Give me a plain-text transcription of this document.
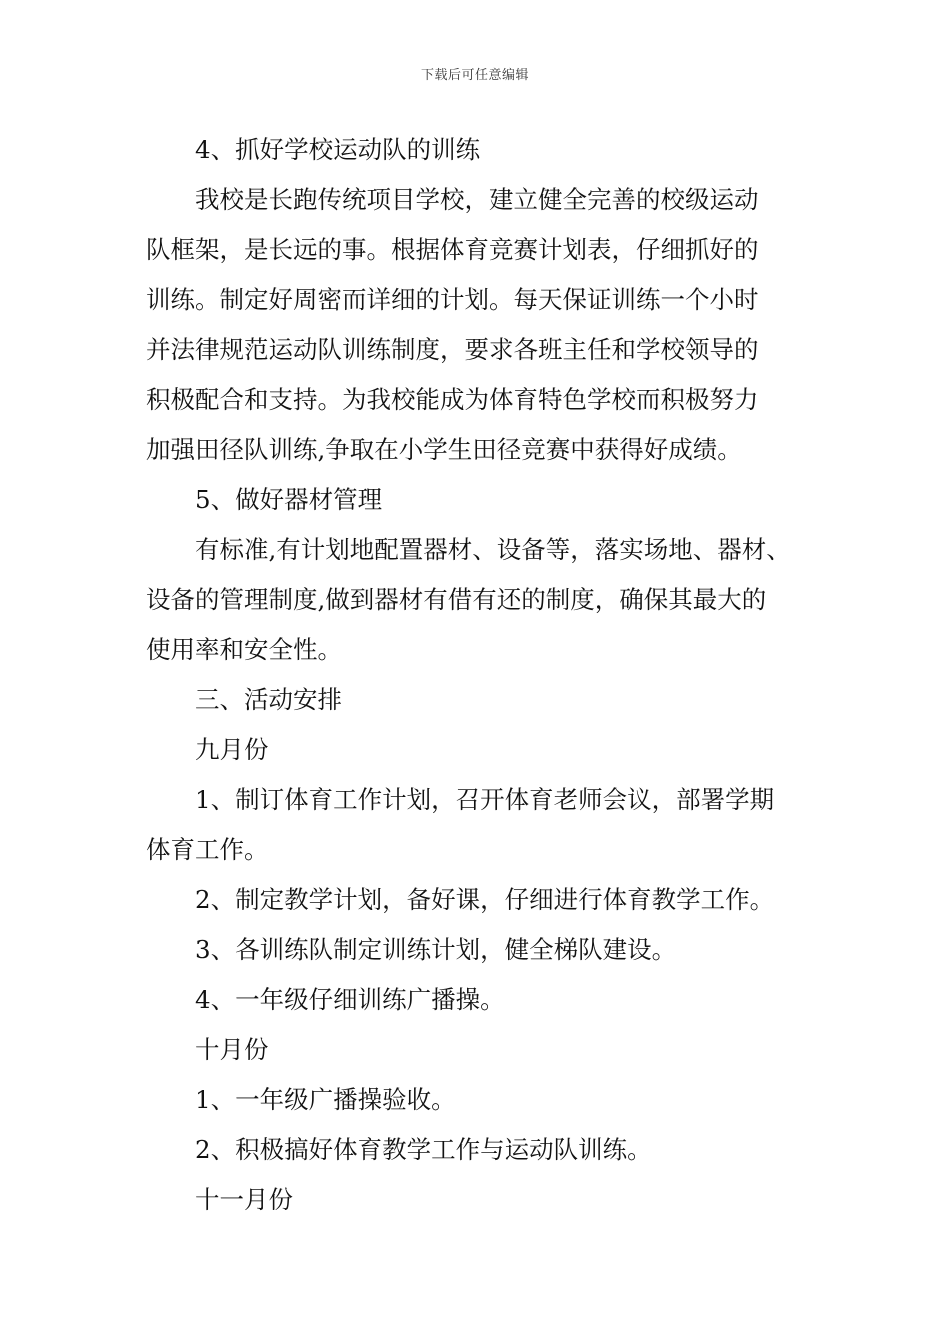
下载后可任意编辑
4、抓好学校运动队的训练
我校是长跑传统项目学校，建立健全完善的校级运动
队框架，是长远的事。根据体育竞赛计划表，仔细抓好的
训练。制定好周密而详细的计划。每天保证训练一个小时
并法律规范运动队训练制度，要求各班主任和学校领导的
积极配合和支持。为我校能成为体育特色学校而积极努力
加强田径队训练,争取在小学生田径竞赛中获得好成绩。
5、做好器材管理
有标准,有计划地配置器材、设备等，落实场地、器材、
设备的管理制度,做到器材有借有还的制度，确保其最大的
使用率和安全性。
三、活动安排
九月份
1、制订体育工作计划，召开体育老师会议，部署学期
体育工作。
2、制定教学计划，备好课，仔细进行体育教学工作。
3、各训练队制定训练计划，健全梯队建设。
4、一年级仔细训练广播操。
十月份
1、一年级广播操验收。
2、积极搞好体育教学工作与运动队训练。
十一月份
